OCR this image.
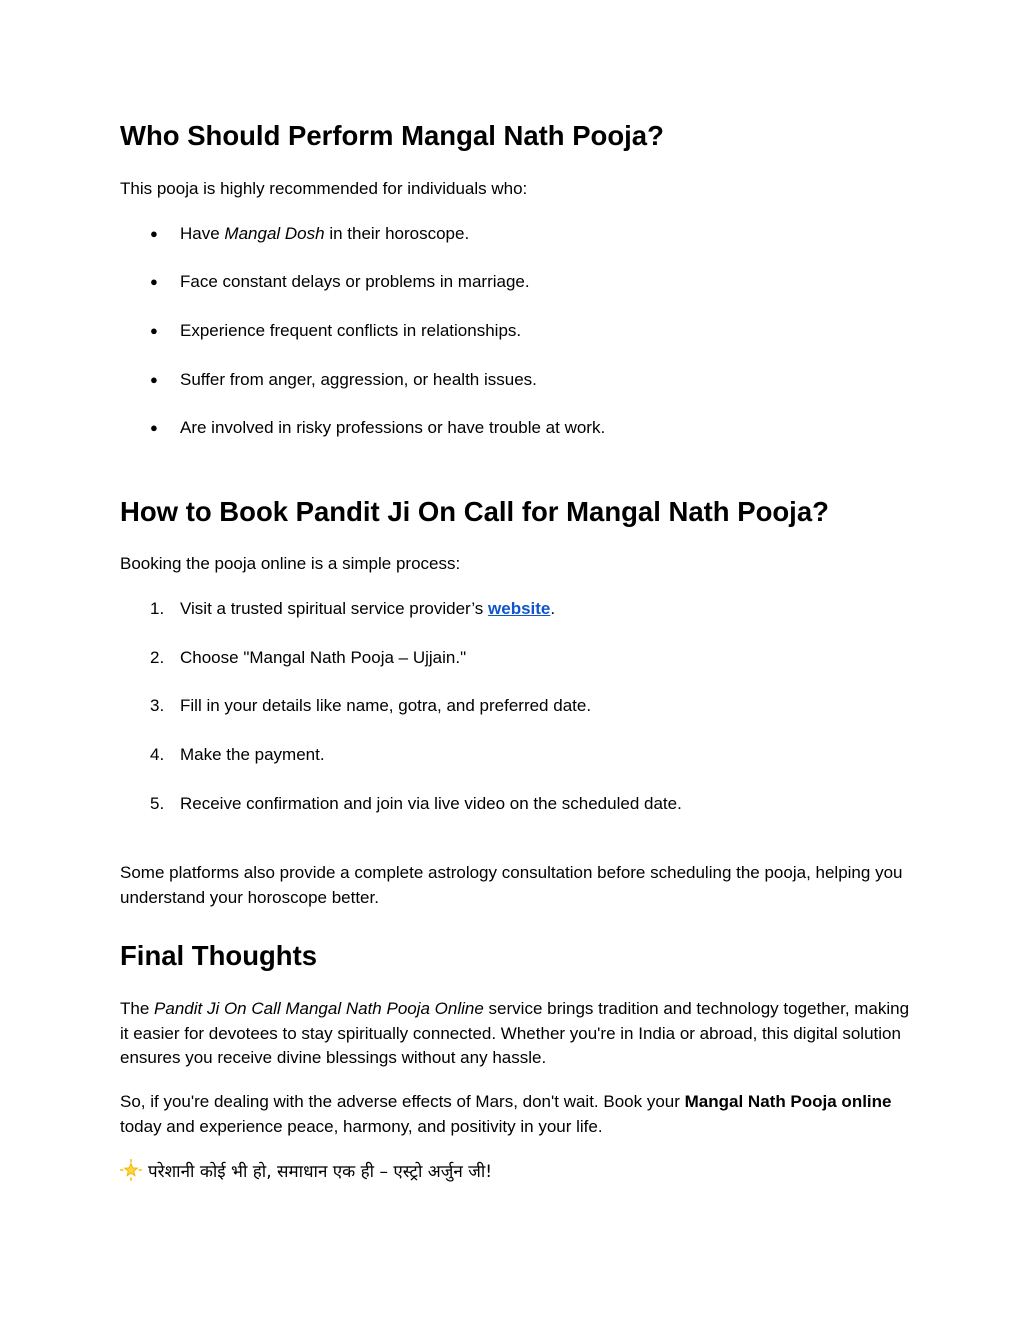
Who Should Perform Mangal Nath Pooja?

This pooja is highly recommended for individuals who:

● Have Mangal Dosh in their horoscope.

● Face constant delays or problems in marriage.

● Experience frequent conflicts in relationships.

● Suffer from anger, aggression, or health issues.

● Are involved in risky professions or have trouble at work.

How to Book Pandit Ji On Call for Mangal Nath Pooja?

Booking the pooja online is a simple process:

1. Visit a trusted spiritual service provider’s website.

2. Choose "Mangal Nath Pooja – Ujjain."

3. Fill in your details like name, gotra, and preferred date.

4. Make the payment.

5. Receive confirmation and join via live video on the scheduled date.

Some platforms also provide a complete astrology consultation before scheduling the pooja, helping you understand your horoscope better.

Final Thoughts

The Pandit Ji On Call Mangal Nath Pooja Online service brings tradition and technology together, making it easier for devotees to stay spiritually connected. Whether you're in India or abroad, this digital solution ensures you receive divine blessings without any hassle.

So, if you're dealing with the adverse effects of Mars, don't wait. Book your Mangal Nath Pooja online today and experience peace, harmony, and positivity in your life.

परेशानी कोई भी हो, समाधान एक ही – एस्ट्रो अर्जुन जी!
